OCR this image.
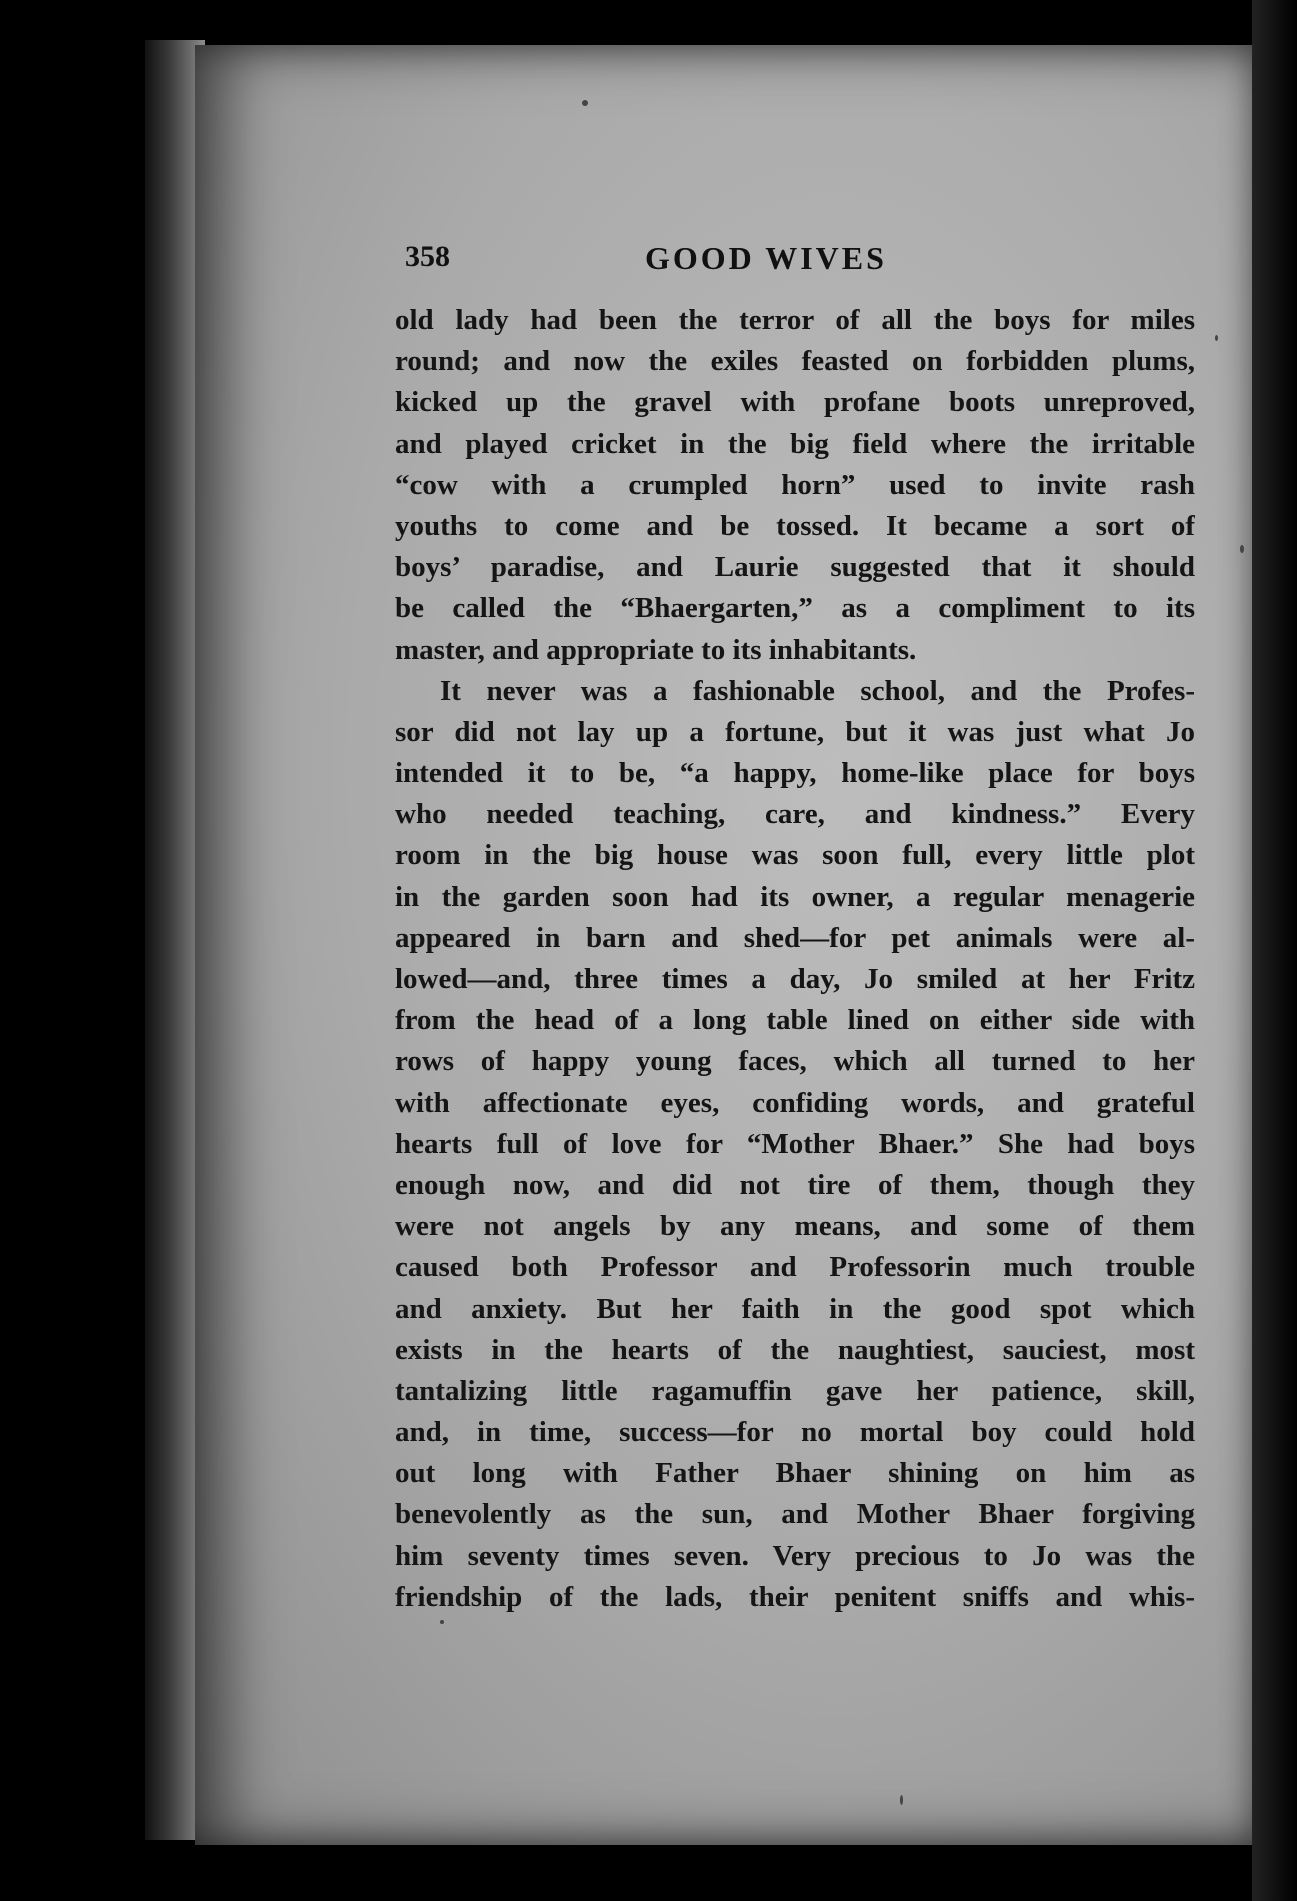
358	GOOD WIVES
old lady had been the terror of all the boys for miles
round; and now the exiles feasted on forbidden plums,
kicked up the gravel with profane boots unreproved,
and played cricket in the big field where the irritable
“cow with a crumpled horn” used to invite rash
youths to come and be tossed. It became a sort of
boys’ paradise, and Laurie suggested that it should
be called the “Bhaergarten,” as a compliment to its
master, and appropriate to its inhabitants.
It never was a fashionable school, and the Profes-
sor did not lay up a fortune, but it was just what Jo
intended it to be, “a happy, home-like place for boys
who needed teaching, care, and kindness.” Every
room in the big house was soon full, every little plot
in the garden soon had its owner, a regular menagerie
appeared in barn and shed—for pet animals were al-
lowed—and, three times a day, Jo smiled at her Fritz
from the head of a long table lined on either side with
rows of happy young faces, which all turned to her
with affectionate eyes, confiding words, and grateful
hearts full of love for “Mother Bhaer.” She had boys
enough now, and did not tire of them, though they
were not angels by any means, and some of them
caused both Professor and Professorin much trouble
and anxiety. But her faith in the good spot which
exists in the hearts of the naughtiest, sauciest, most
tantalizing little ragamuffin gave her patience, skill,
and, in time, success—for no mortal boy could hold
out long with Father Bhaer shining on him as
benevolently as the sun, and Mother Bhaer forgiving
him seventy times seven. Very precious to Jo was the
friendship of the lads, their penitent sniffs and whis-
